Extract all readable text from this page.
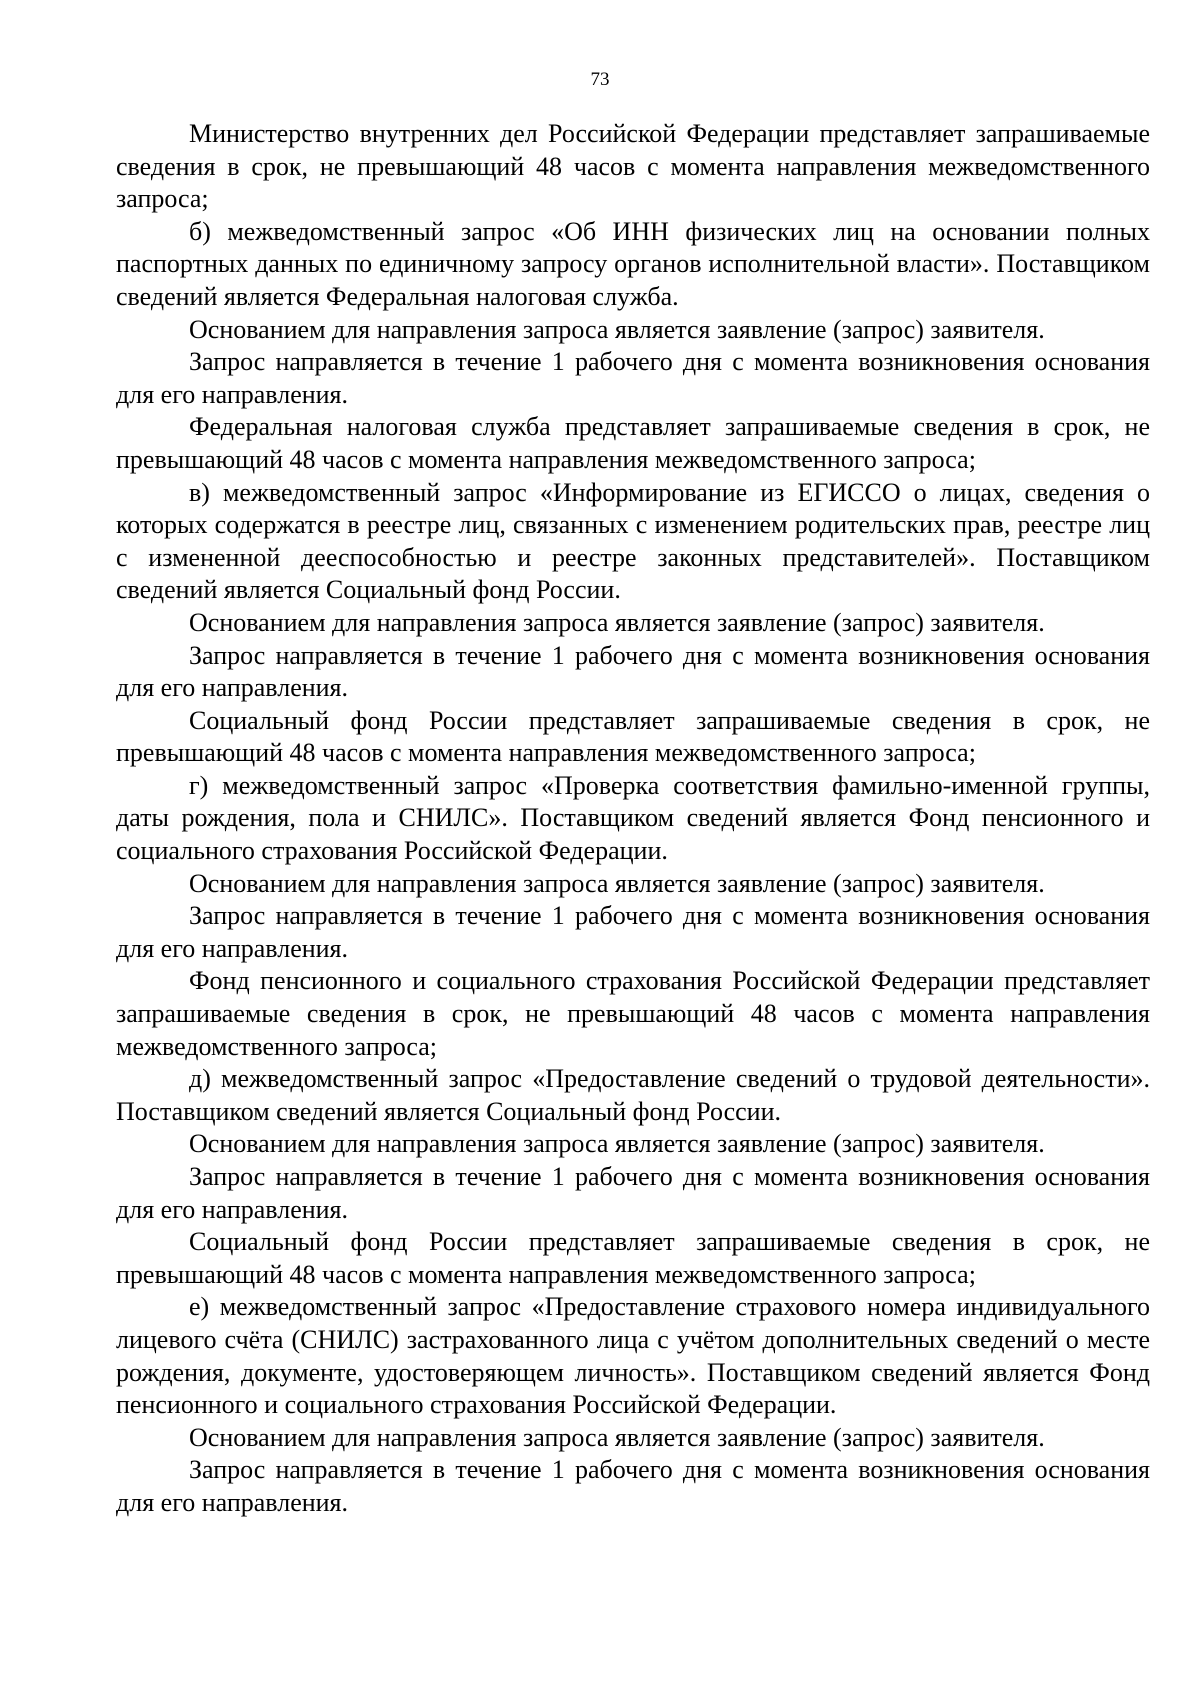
73

Министерство внутренних дел Российской Федерации представляет запрашиваемые сведения в срок, не превышающий 48 часов с момента направления межведомственного запроса;

б) межведомственный запрос «Об ИНН физических лиц на основании полных паспортных данных по единичному запросу органов исполнительной власти». Поставщиком сведений является Федеральная налоговая служба.

Основанием для направления запроса является заявление (запрос) заявителя.

Запрос направляется в течение 1 рабочего дня с момента возникновения основания для его направления.

Федеральная налоговая служба представляет запрашиваемые сведения в срок, не превышающий 48 часов с момента направления межведомственного запроса;

в) межведомственный запрос «Информирование из ЕГИССО о лицах, сведения о которых содержатся в реестре лиц, связанных с изменением родительских прав, реестре лиц с измененной дееспособностью и реестре законных представителей». Поставщиком сведений является Социальный фонд России.

Основанием для направления запроса является заявление (запрос) заявителя.

Запрос направляется в течение 1 рабочего дня с момента возникновения основания для его направления.

Социальный фонд России представляет запрашиваемые сведения в срок, не превышающий 48 часов с момента направления межведомственного запроса;

г) межведомственный запрос «Проверка соответствия фамильно-именной группы, даты рождения, пола и СНИЛС». Поставщиком сведений является Фонд пенсионного и социального страхования Российской Федерации.

Основанием для направления запроса является заявление (запрос) заявителя.

Запрос направляется в течение 1 рабочего дня с момента возникновения основания для его направления.

Фонд пенсионного и социального страхования Российской Федерации представляет запрашиваемые сведения в срок, не превышающий 48 часов с момента направления межведомственного запроса;

д) межведомственный запрос «Предоставление сведений о трудовой деятельности». Поставщиком сведений является Социальный фонд России.

Основанием для направления запроса является заявление (запрос) заявителя.

Запрос направляется в течение 1 рабочего дня с момента возникновения основания для его направления.

Социальный фонд России представляет запрашиваемые сведения в срок, не превышающий 48 часов с момента направления межведомственного запроса;

е) межведомственный запрос «Предоставление страхового номера индивидуального лицевого счёта (СНИЛС) застрахованного лица с учётом дополнительных сведений о месте рождения, документе, удостоверяющем личность». Поставщиком сведений является Фонд пенсионного и социального страхования Российской Федерации.

Основанием для направления запроса является заявление (запрос) заявителя.

Запрос направляется в течение 1 рабочего дня с момента возникновения основания для его направления.
